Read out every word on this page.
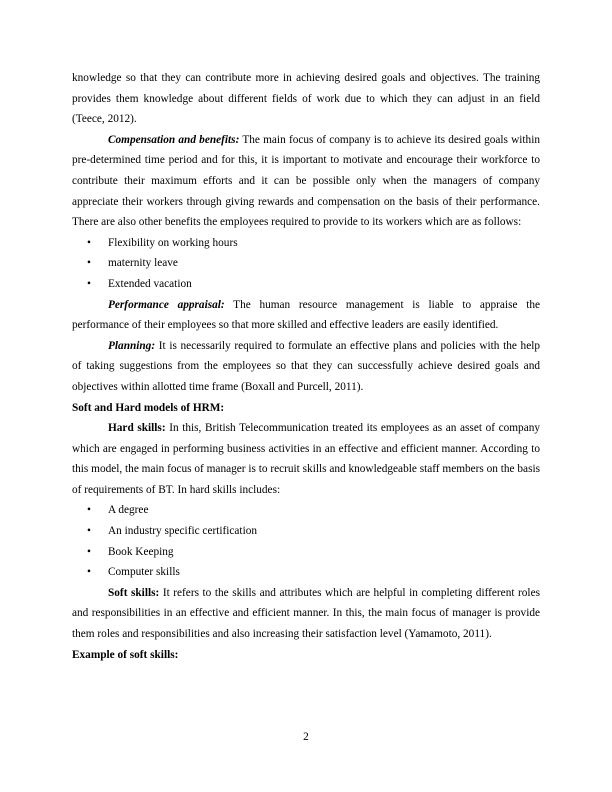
knowledge so that they can contribute more in achieving desired goals and objectives. The training provides them knowledge about different fields of work due to which they can adjust in an field (Teece, 2012).

Compensation and benefits: The main focus of company is to achieve its desired goals within pre-determined time period and for this, it is important to motivate and encourage their workforce to contribute their maximum efforts and it can be possible only when the managers of company appreciate their workers through giving rewards and compensation on the basis of their performance. There are also other benefits the employees required to provide to its workers which are as follows:

• Flexibility on working hours
• maternity leave
• Extended vacation

Performance appraisal: The human resource management is liable to appraise the performance of their employees so that more skilled and effective leaders are easily identified.

Planning: It is necessarily required to formulate an effective plans and policies with the help of taking suggestions from the employees so that they can successfully achieve desired goals and objectives within allotted time frame (Boxall and Purcell, 2011).

Soft and Hard models of HRM:

Hard skills: In this, British Telecommunication treated its employees as an asset of company which are engaged in performing business activities in an effective and efficient manner. According to this model, the main focus of manager is to recruit skills and knowledgeable staff members on the basis of requirements of BT. In hard skills includes:

• A degree
• An industry specific certification
• Book Keeping
• Computer skills

Soft skills: It refers to the skills and attributes which are helpful in completing different roles and responsibilities in an effective and efficient manner. In this, the main focus of manager is provide them roles and responsibilities and also increasing their satisfaction level (Yamamoto, 2011).

Example of soft skills:

2
